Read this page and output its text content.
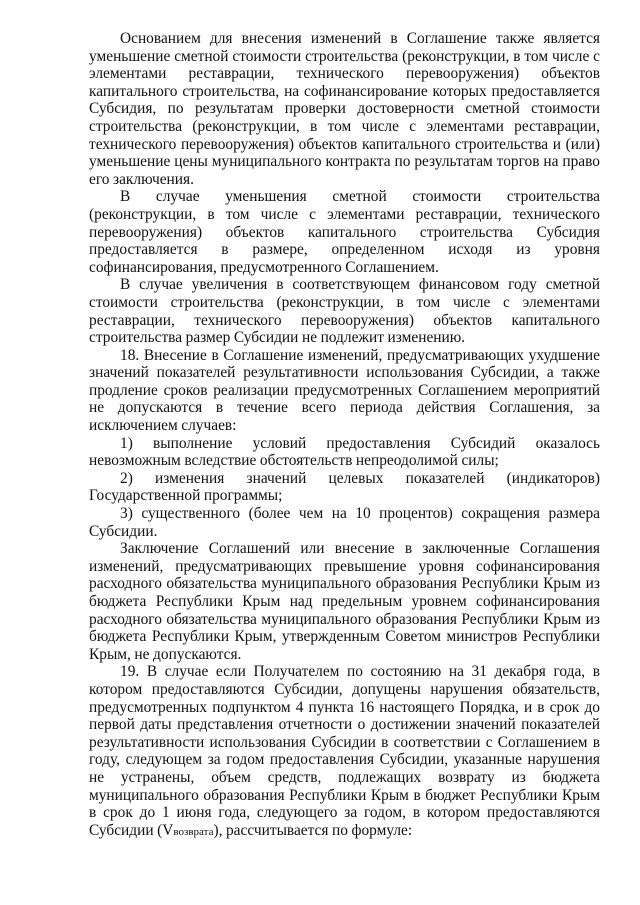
Основанием для внесения изменений в Соглашение также является уменьшение сметной стоимости строительства (реконструкции, в том числе с элементами реставрации, технического перевооружения) объектов капитального строительства, на софинансирование которых предоставляется Субсидия, по результатам проверки достоверности сметной стоимости строительства (реконструкции, в том числе с элементами реставрации, технического перевооружения) объектов капитального строительства и (или) уменьшение цены муниципального контракта по результатам торгов на право его заключения.

В случае уменьшения сметной стоимости строительства (реконструкции, в том числе с элементами реставрации, технического перевооружения) объектов капитального строительства Субсидия предоставляется в размере, определенном исходя из уровня софинансирования, предусмотренного Соглашением.

В случае увеличения в соответствующем финансовом году сметной стоимости строительства (реконструкции, в том числе с элементами реставрации, технического перевооружения) объектов капитального строительства размер Субсидии не подлежит изменению.

18. Внесение в Соглашение изменений, предусматривающих ухудшение значений показателей результативности использования Субсидии, а также продление сроков реализации предусмотренных Соглашением мероприятий не допускаются в течение всего периода действия Соглашения, за исключением случаев:

1) выполнение условий предоставления Субсидий оказалось невозможным вследствие обстоятельств непреодолимой силы;

2) изменения значений целевых показателей (индикаторов) Государственной программы;

3) существенного (более чем на 10 процентов) сокращения размера Субсидии.

Заключение Соглашений или внесение в заключенные Соглашения изменений, предусматривающих превышение уровня софинансирования расходного обязательства муниципального образования Республики Крым из бюджета Республики Крым над предельным уровнем софинансирования расходного обязательства муниципального образования Республики Крым из бюджета Республики Крым, утвержденным Советом министров Республики Крым, не допускаются.

19. В случае если Получателем по состоянию на 31 декабря года, в котором предоставляются Субсидии, допущены нарушения обязательств, предусмотренных подпунктом 4 пункта 16 настоящего Порядка, и в срок до первой даты представления отчетности о достижении значений показателей результативности использования Субсидии в соответствии с Соглашением в году, следующем за годом предоставления Субсидии, указанные нарушения не устранены, объем средств, подлежащих возврату из бюджета муниципального образования Республики Крым в бюджет Республики Крым в срок до 1 июня года, следующего за годом, в котором предоставляются Субсидии (Vвозврата), рассчитывается по формуле:
